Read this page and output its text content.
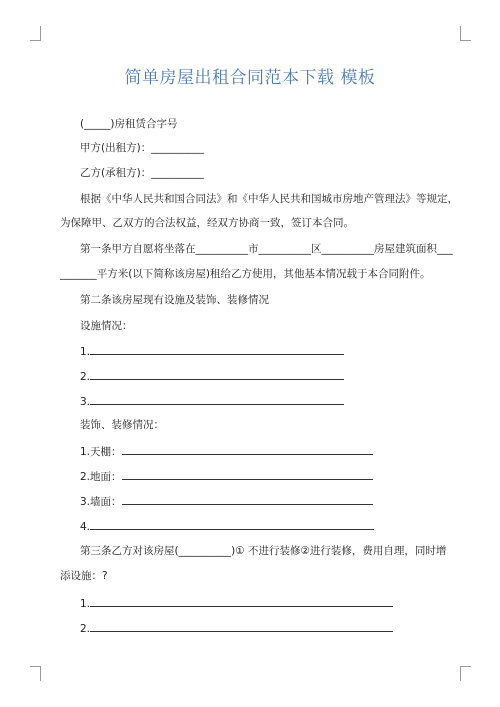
简单房屋出租合同范本下载 模板
(_____)房租赁合字号
甲方(出租方)：__________
乙方(承租方)：__________
根据《中华人民共和国合同法》和《中华人民共和国城市房地产管理法》等规定，
为保障甲、乙双方的合法权益，经双方协商一致，签订本合同。
第一条甲方自愿将坐落在__________市__________区__________房屋建筑面积___
_______平方米(以下简称该房屋)租给乙方使用，其他基本情况载于本合同附件。
第二条该房屋现有设施及装饰、装修情况
设施情况：
1.
2.
3.
装饰、装修情况：
1.天棚：
2.地面：
3.墙面：
4.
第三条乙方对该房屋(__________)① 不进行装修②进行装修，费用自理，同时增
添设施：?
1.
2.
